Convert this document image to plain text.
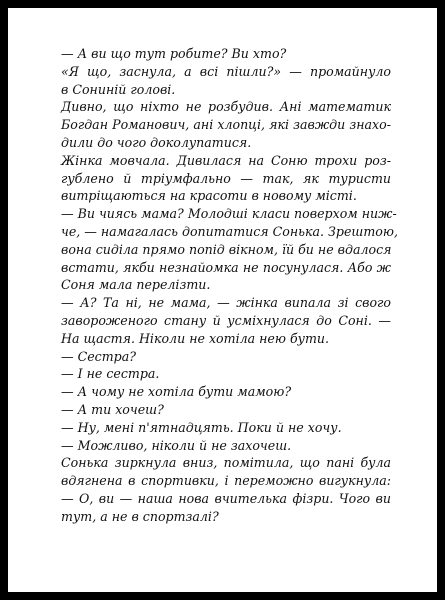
— А ви що тут робите? Ви хто?
«Я що, заснула, а всі пішли?» — промайнуло
в Сониній голові.
Дивно, що ніхто не розбудив. Ані математик
Богдан Романович, ані хлопці, які завжди знахо-
дили до чого доколупатися.
Жінка мовчала. Дивилася на Соню трохи роз-
гублено й тріумфально — так, як туристи
витріщаються на красоти в новому місті.
— Ви чиясь мама? Молодші класи поверхом ниж-
че, — намагалась допитатися Сонька. Зрештою,
вона сиділа прямо попід вікном, їй би не вдалося
встати, якби незнайомка не посунулася. Або ж
Соня мала перелізти.
— А? Та ні, не мама, — жінка випала зі свого
завороженого стану й усміхнулася до Соні. —
На щастя. Ніколи не хотіла нею бути.
— Сестра?
— І не сестра.
— А чому не хотіла бути мамою?
— А ти хочеш?
— Ну, мені п'ятнадцять. Поки й не хочу.
— Можливо, ніколи й не захочеш.
Сонька зиркнула вниз, помітила, що пані була
вдягнена в спортивки, і переможно вигукнула:
— О, ви — наша нова вчителька фізри. Чого ви
тут, а не в спортзалі?
